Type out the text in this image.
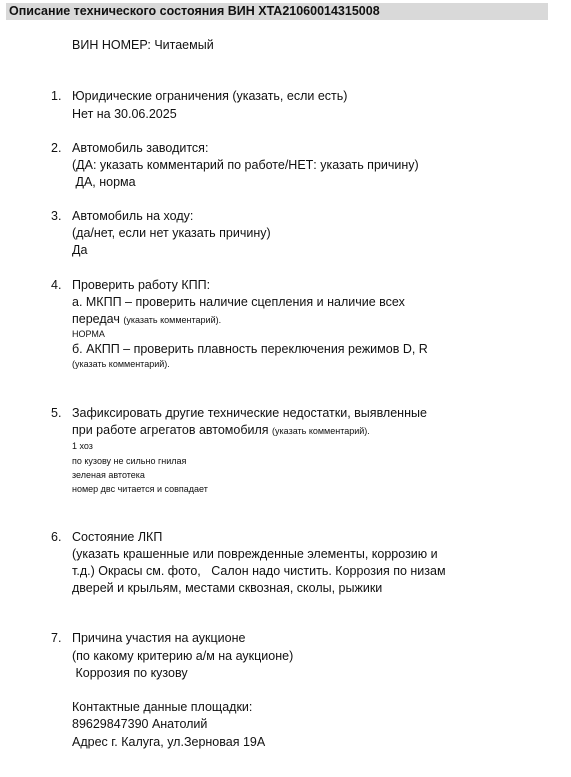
Описание технического состояния ВИН XTA21060014315008
ВИН НОМЕР: Читаемый
1. Юридические ограничения (указать, если есть)
Нет на 30.06.2025
2. Автомобиль заводится:
(ДА: указать комментарий по работе/НЕТ: указать причину)
ДА, норма
3. Автомобиль на ходу:
(да/нет, если нет указать причину)
Да
4. Проверить работу КПП:
а. МКПП – проверить наличие сцепления и наличие всех
передач (указать комментарий).
НОРМА
б. АКПП – проверить плавность переключения режимов D, R
(указать комментарий).
5. Зафиксировать другие технические недостатки, выявленные
при работе агрегатов автомобиля (указать комментарий).
1 хоз
по кузову не сильно гнилая
зеленая автотека
номер двс читается и совпадает
6. Состояние ЛКП
(указать крашенные или поврежденные элементы, коррозию и
т.д.) Окрасы см. фото,   Салон надо чистить. Коррозия по низам
дверей и крыльям, местами сквозная, сколы, рыжики
7. Причина участия на аукционе
(по какому критерию а/м на аукционе)
Коррозия по кузову
Контактные данные площадки:
89629847390 Анатолий
Адрес г. Калуга, ул.Зерновая 19А
